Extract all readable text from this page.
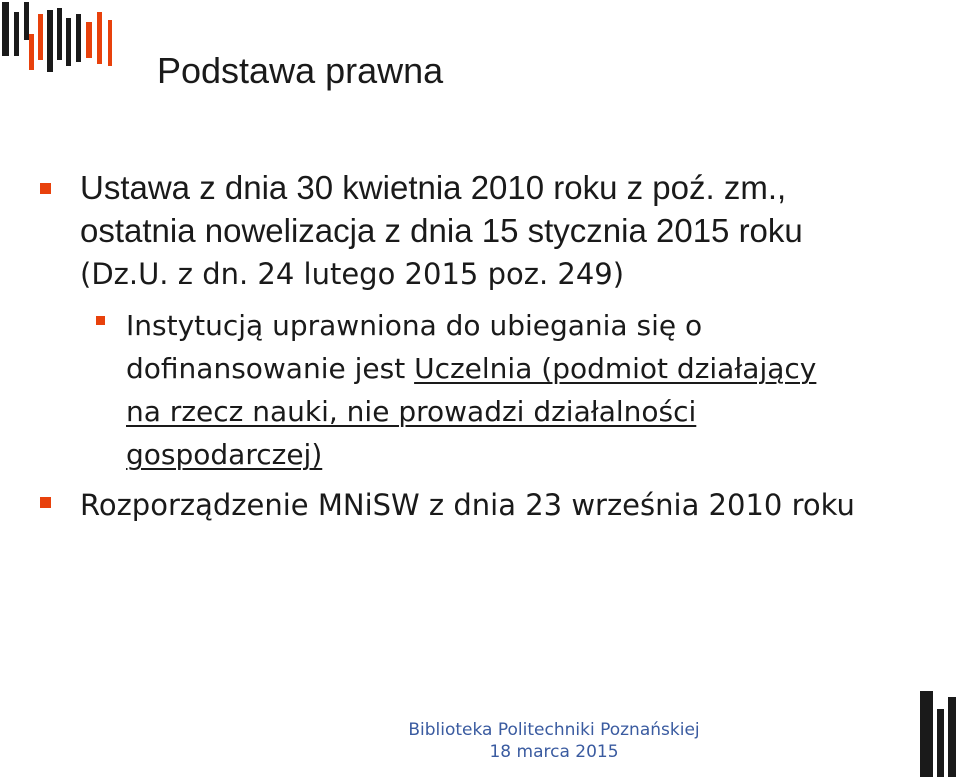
Podstawa prawna
Ustawa z dnia 30 kwietnia 2010 roku z poź. zm.,
ostatnia nowelizacja z dnia 15 stycznia 2015 roku
(Dz.U. z dn. 24 lutego 2015 poz. 249)
Instytucją uprawniona do ubiegania się o
dofinansowanie jest Uczelnia (podmiot działający
na rzecz nauki, nie prowadzi działalności
gospodarczej)
Rozporządzenie MNiSW z dnia 23 września 2010 roku
Biblioteka Politechniki Poznańskiej
18 marca 2015
